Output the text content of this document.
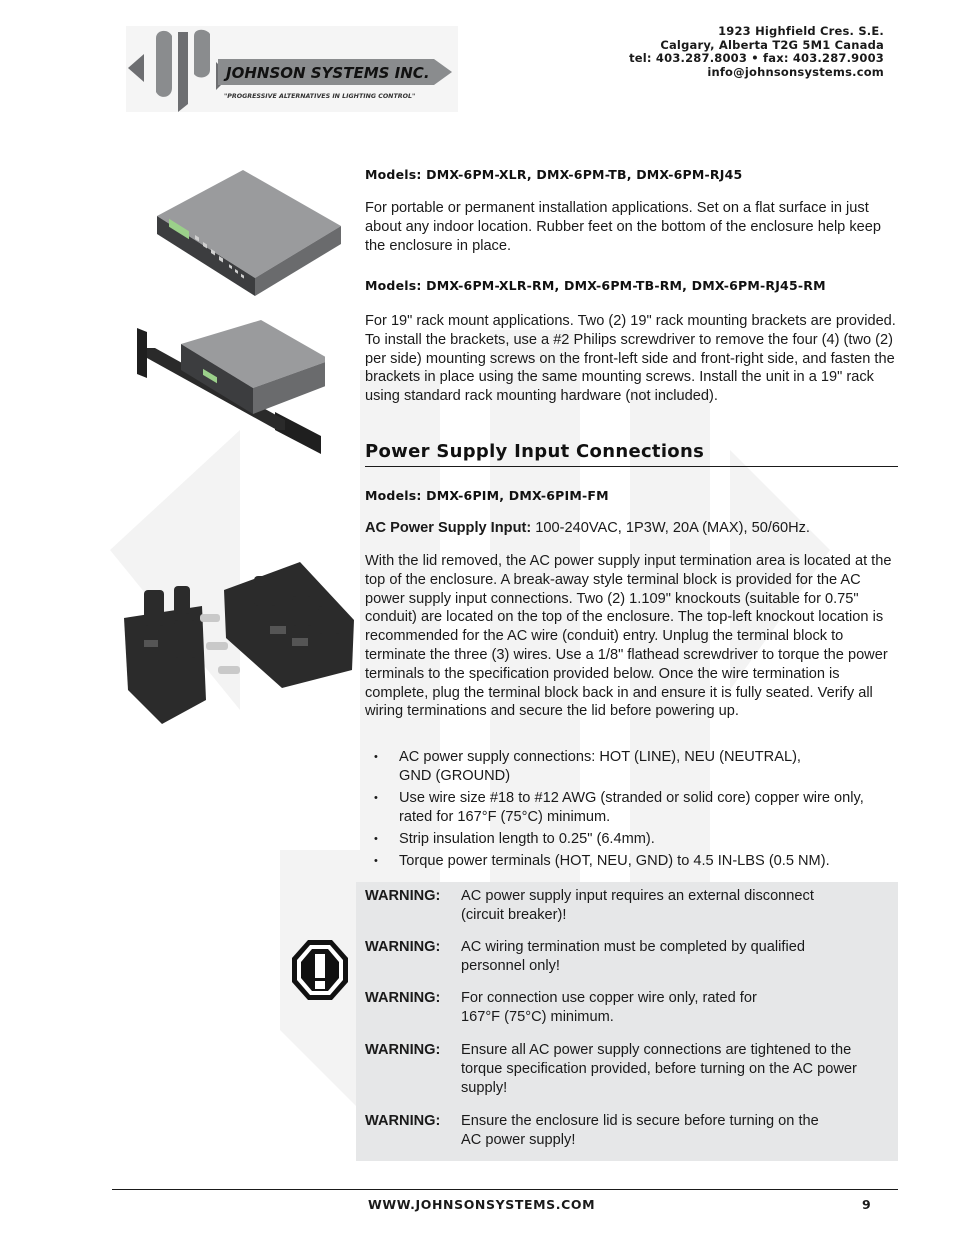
JOHNSON SYSTEMS INC.
"PROGRESSIVE ALTERNATIVES IN LIGHTING CONTROL"
1923 Highfield Cres. S.E.
Calgary, Alberta T2G 5M1 Canada
tel: 403.287.8003 • fax: 403.287.9003
info@johnsonsystems.com
Models: DMX-6PM-XLR, DMX-6PM-TB, DMX-6PM-RJ45
For portable or permanent installation applications. Set on a flat surface in just about any indoor location. Rubber feet on the bottom of the enclosure help keep the enclosure in place.
Models: DMX-6PM-XLR-RM, DMX-6PM-TB-RM, DMX-6PM-RJ45-RM
For 19" rack mount applications. Two (2) 19" rack mounting brackets are provided. To install the brackets, use a #2 Philips screwdriver to remove the four (4) (two (2) per side) mounting screws on the front-left side and front-right side, and fasten the brackets in place using the same mounting screws. Install the unit in a 19" rack using standard rack mounting hardware (not included).
Power Supply Input Connections
Models: DMX-6PIM, DMX-6PIM-FM
AC Power Supply Input: 100-240VAC, 1P3W, 20A (MAX), 50/60Hz.
With the lid removed, the AC power supply input termination area is located at the top of the enclosure. A break-away style terminal block is provided for the AC power supply input connections. Two (2) 1.109" knockouts (suitable for 0.75" conduit) are located on the top of the enclosure. The top-left knockout location is recommended for the AC wire (conduit) entry. Unplug the terminal block to terminate the three (3) wires. Use a 1/8" flathead screwdriver to torque the power terminals to the specification provided below. Once the wire termination is complete, plug the terminal block back in and ensure it is fully seated. Verify all wiring terminations and secure the lid before powering up.
• AC power supply connections: HOT (LINE), NEU (NEUTRAL), GND (GROUND)
• Use wire size #18 to #12 AWG (stranded or solid core) copper wire only, rated for 167°F (75°C) minimum.
• Strip insulation length to 0.25" (6.4mm).
• Torque power terminals (HOT, NEU, GND) to 4.5 IN-LBS (0.5 NM).
WARNING: AC power supply input requires an external disconnect (circuit breaker)!
WARNING: AC wiring termination must be completed by qualified personnel only!
WARNING: For connection use copper wire only, rated for 167°F (75°C) minimum.
WARNING: Ensure all AC power supply connections are tightened to the torque specification provided, before turning on the AC power supply!
WARNING: Ensure the enclosure lid is secure before turning on the AC power supply!
WWW.JOHNSONSYSTEMS.COM	9
